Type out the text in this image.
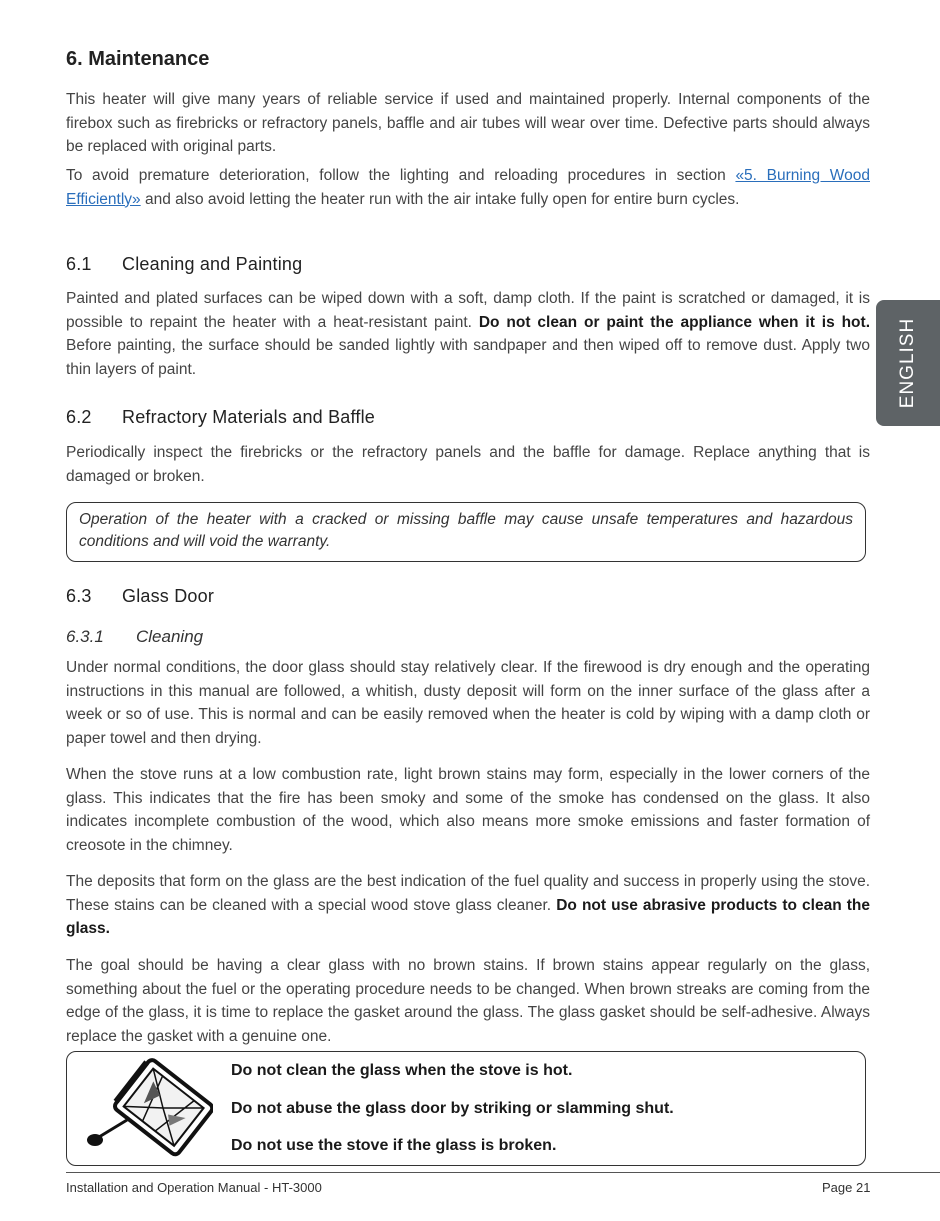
6. Maintenance

This heater will give many years of reliable service if used and maintained properly. Internal components of the firebox such as firebricks or refractory panels, baffle and air tubes will wear over time. Defective parts should always be replaced with original parts.

To avoid premature deterioration, follow the lighting and reloading procedures in section «5. Burning Wood Efficiently» and also avoid letting the heater run with the air intake fully open for entire burn cycles.

6.1 Cleaning and Painting

Painted and plated surfaces can be wiped down with a soft, damp cloth. If the paint is scratched or damaged, it is possible to repaint the heater with a heat-resistant paint. Do not clean or paint the appliance when it is hot. Before painting, the surface should be sanded lightly with sandpaper and then wiped off to remove dust. Apply two thin layers of paint.

6.2 Refractory Materials and Baffle

Periodically inspect the firebricks or the refractory panels and the baffle for damage. Replace anything that is damaged or broken.

Operation of the heater with a cracked or missing baffle may cause unsafe temperatures and hazardous conditions and will void the warranty.
6.3 Glass Door
6.3.1 Cleaning

Under normal conditions, the door glass should stay relatively clear. If the firewood is dry enough and the operating instructions in this manual are followed, a whitish, dusty deposit will form on the inner surface of the glass after a week or so of use. This is normal and can be easily removed when the heater is cold by wiping with a damp cloth or paper towel and then drying.

When the stove runs at a low combustion rate, light brown stains may form, especially in the lower corners of the glass. This indicates that the fire has been smoky and some of the smoke has condensed on the glass. It also indicates incomplete combustion of the wood, which also means more smoke emissions and faster formation of creosote in the chimney.

The deposits that form on the glass are the best indication of the fuel quality and success in properly using the stove. These stains can be cleaned with a special wood stove glass cleaner. Do not use abrasive products to clean the glass.

The goal should be having a clear glass with no brown stains. If brown stains appear regularly on the glass, something about the fuel or the operating procedure needs to be changed. When brown streaks are coming from the edge of the glass, it is time to replace the gasket around the glass. The glass gasket should be self-adhesive. Always replace the gasket with a genuine one.

Do not clean the glass when the stove is hot.
Do not abuse the glass door by striking or slamming shut.
Do not use the stove if the glass is broken.
ENGLISH
Installation and Operation Manual - HT-3000	Page 21
